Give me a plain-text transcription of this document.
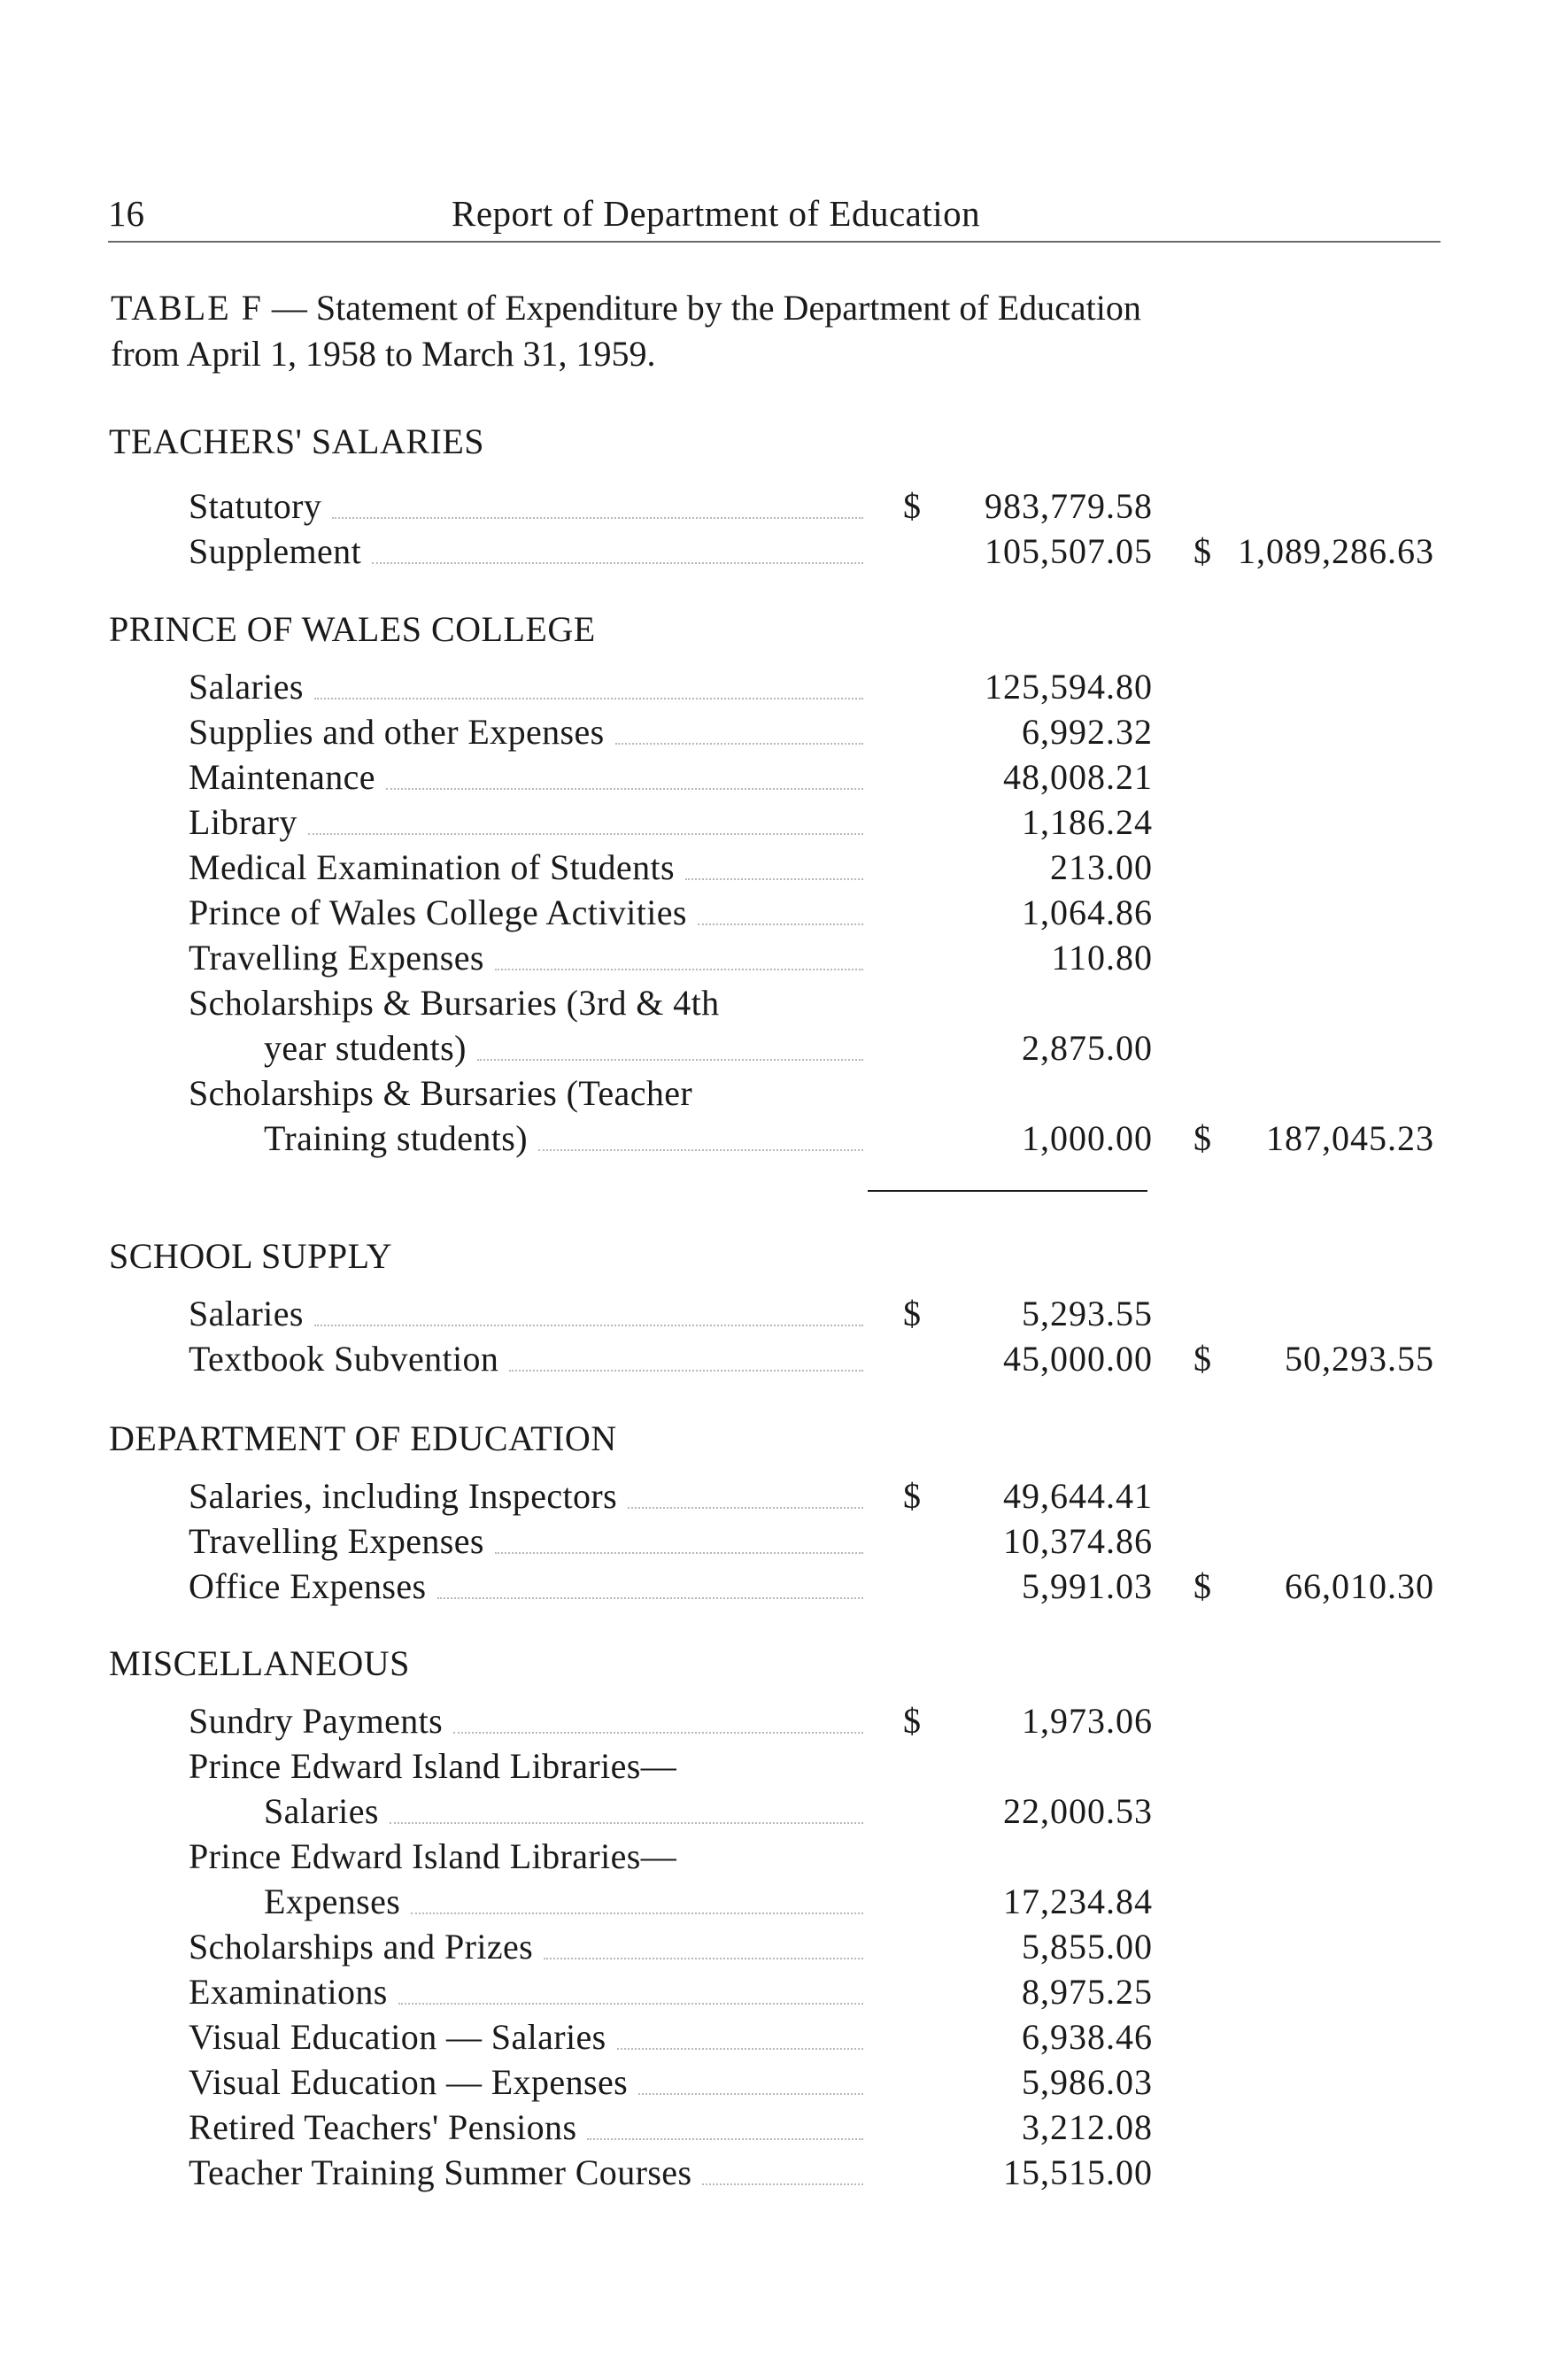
16	Report of Department of Education
TABLE F — Statement of Expenditure by the Department of Education
from April 1, 1958 to March 31, 1959.
TEACHERS' SALARIES
Statutory	$ 983,779.58
Supplement	105,507.05 $ 1,089,286.63
PRINCE OF WALES COLLEGE
Salaries	125,594.80
Supplies and other Expenses	6,992.32
Maintenance	48,008.21
Library	1,186.24
Medical Examination of Students	213.00
Prince of Wales College Activities	1,064.86
Travelling Expenses	110.80
Scholarships & Bursaries (3rd & 4th
year students)	2,875.00
Scholarships & Bursaries (Teacher
Training students)	1,000.00 $ 187,045.23
SCHOOL SUPPLY
Salaries	$	5,293.55
Textbook Subvention	45,000.00 $ 50,293.55
DEPARTMENT OF EDUCATION
Salaries, including Inspectors	$ 49,644.41
Travelling Expenses	10,374.86
Office Expenses	5,991.03 $ 66,010.30
MISCELLANEOUS
Sundry Payments	$	1,973.06
Prince Edward Island Libraries—
Salaries	22,000.53
Prince Edward Island Libraries—
Expenses	17,234.84
Scholarships and Prizes	5,855.00
Examinations	8,975.25
Visual Education — Salaries	6,938.46
Visual Education — Expenses	5,986.03
Retired Teachers' Pensions	3,212.08
Teacher Training Summer Courses	15,515.00
